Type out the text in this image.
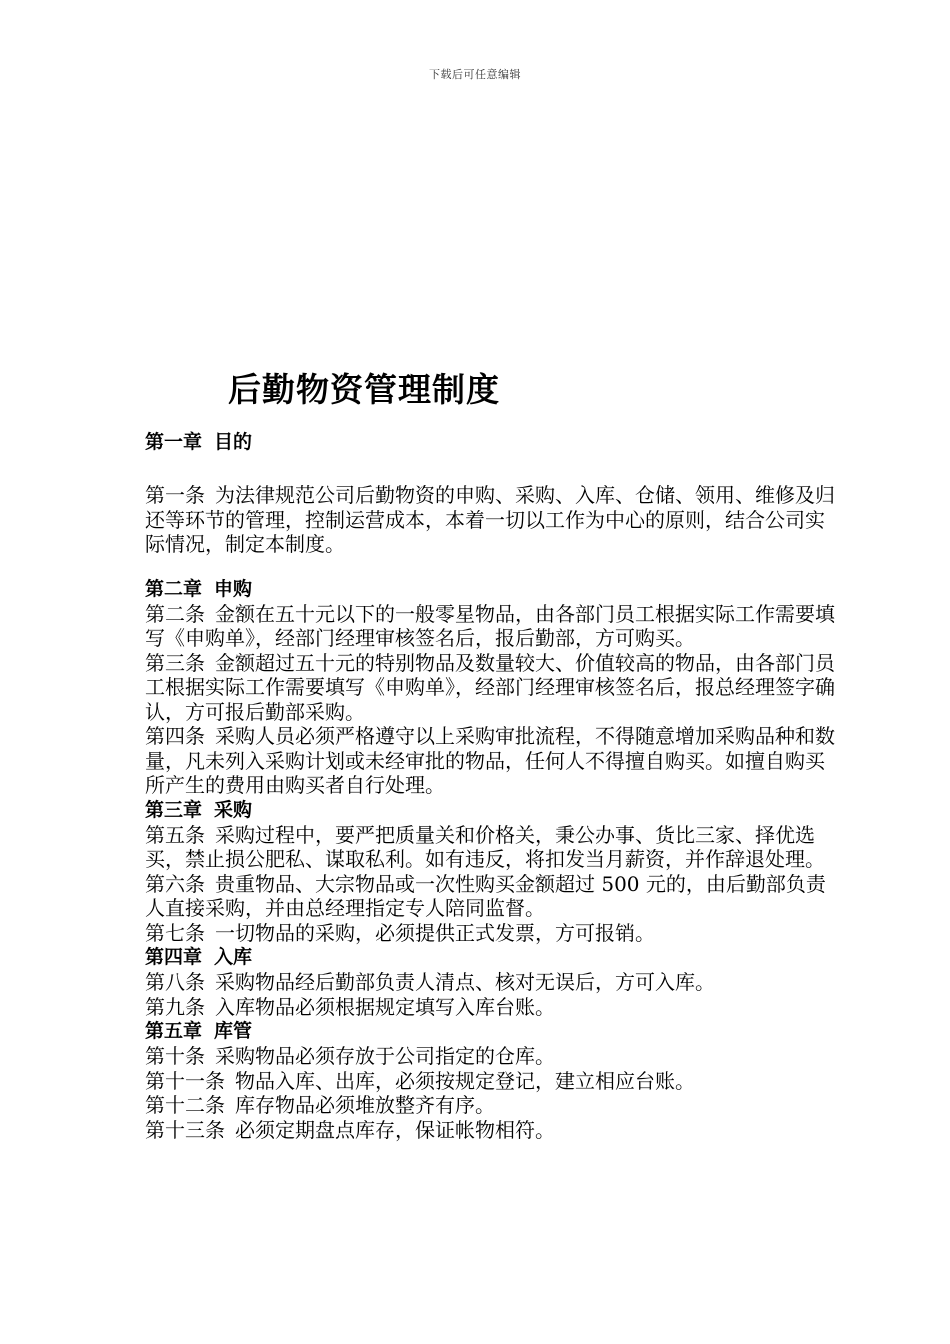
下载后可任意编辑
后勤物资管理制度
第一章 目的

第一条 为法律规范公司后勤物资的申购、采购、入库、仓储、领用、维修及归还等环节的管理，控制运营成本，本着一切以工作为中心的原则，结合公司实际情况，制定本制度。

第二章 申购

第二条 金额在五十元以下的一般零星物品，由各部门员工根据实际工作需要填写《申购单》，经部门经理审核签名后，报后勤部，方可购买。

第三条 金额超过五十元的特别物品及数量较大、价值较高的物品，由各部门员工根据实际工作需要填写《申购单》，经部门经理审核签名后，报总经理签字确认，方可报后勤部采购。

第四条 采购人员必须严格遵守以上采购审批流程，不得随意增加采购品种和数量，凡未列入采购计划或未经审批的物品，任何人不得擅自购买。如擅自购买所产生的费用由购买者自行处理。

第三章 采购

第五条 采购过程中，要严把质量关和价格关，秉公办事、货比三家、择优选买，禁止损公肥私、谋取私利。如有违反，将扣发当月薪资，并作辞退处理。

第六条 贵重物品、大宗物品或一次性购买金额超过 500 元的，由后勤部负责人直接采购，并由总经理指定专人陪同监督。

第七条 一切物品的采购，必须提供正式发票，方可报销。

第四章 入库

第八条 采购物品经后勤部负责人清点、核对无误后，方可入库。

第九条 入库物品必须根据规定填写入库台账。

第五章 库管

第十条 采购物品必须存放于公司指定的仓库。

第十一条 物品入库、出库，必须按规定登记，建立相应台账。

第十二条 库存物品必须堆放整齐有序。

第十三条 必须定期盘点库存，保证帐物相符。
